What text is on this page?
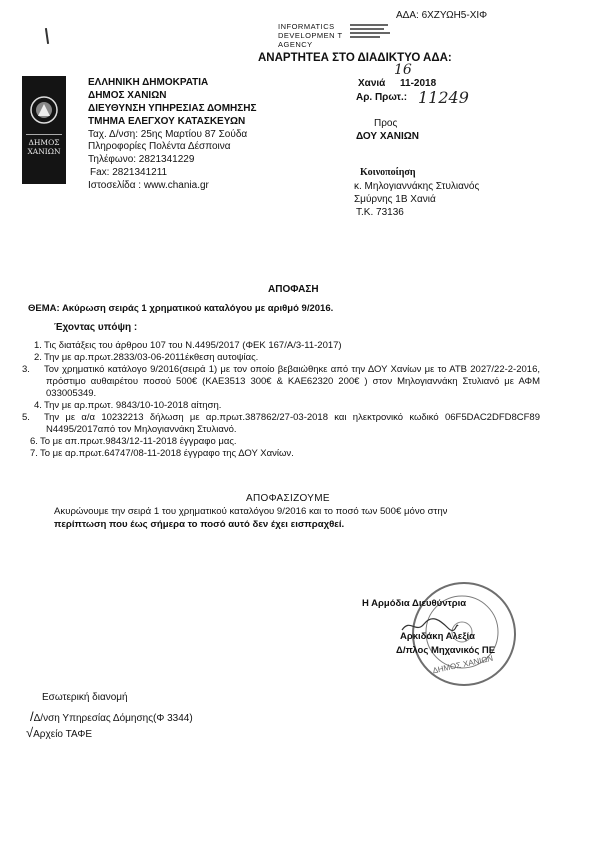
ΑΔΑ: 6ΧΖΥΩΗ5-ΧΙΦ
INFORMATICS DEVELOPMEN T AGENCY
ΑΝΑΡΤΗΤΕΑ ΣΤΟ ΔΙΑΔΙΚΤΥΟ ΑΔΑ:
ΔΗΜΟΣ ΧΑΝΙΩΝ
ΕΛΛΗΝΙΚΗ ΔΗΜΟΚΡΑΤΙΑ
ΔΗΜΟΣ ΧΑΝΙΩΝ
ΔΙΕΥΘΥΝΣΗ ΥΠΗΡΕΣΙΑΣ ΔΟΜΗΣΗΣ
ΤΜΗΜΑ ΕΛΕΓΧΟΥ ΚΑΤΑΣΚΕΥΩΝ
Ταχ. Δ/νση: 25ης Μαρτίου 87 Σούδα
Πληροφορίες Πολέντα Δέσποινα
Τηλέφωνο: 2821341229
Fax: 2821341211
Ιστοσελίδα : www.chania.gr
16
Χανιά 11-2018
Αρ. Πρωτ.: 11249
Προς
ΔΟΥ ΧΑΝΙΩΝ
Κοινοποίηση
κ. Μηλογιαννάκης Στυλιανός
Σμύρνης 1Β Χανιά
Τ.Κ. 73136
ΑΠΟΦΑΣΗ
ΘΕΜΑ: Ακύρωση σειράς 1 χρηματικού καταλόγου με αριθμό 9/2016.
Έχοντας υπόψη :
1. Τις διατάξεις του άρθρου 107 του Ν.4495/2017 (ΦΕΚ 167/Α/3-11-2017)
2. Την με αρ.πρωτ.2833/03-06-2011έκθεση αυτοψίας.
3. Τον χρηματικό κατάλογο 9/2016(σειρά 1) με τον οποίο βεβαιώθηκε από την ΔΟΥ Χανίων με το ΑΤΒ 2027/22-2-2016, πρόστιμο αυθαιρέτου ποσού 500€ (ΚΑΕ3513 300€ & ΚΑΕ62320 200€ ) στον Μηλογιαννάκη Στυλιανό με ΑΦΜ 033005349.
4. Την με αρ.πρωτ. 9843/10-10-2018 αίτηση.
5. Την με α/α 10232213 δήλωση με αρ.πρωτ.387862/27-03-2018 και ηλεκτρονικό κωδικό 06F5DAC2DFD8CF89 Ν4495/2017από τον Μηλογιαννάκη Στυλιανό.
6. Το με απ.πρωτ.9843/12-11-2018 έγγραφο μας.
7. Το με αρ.πρωτ.64747/08-11-2018 έγγραφο της ΔΟΥ Χανίων.
ΑΠΟΦΑΣΙΖΟΥΜΕ
Ακυρώνουμε την σειρά 1 του χρηματικού καταλόγου 9/2016 και το ποσό των 500€ μόνο στην
περίπτωση που έως σήμερα το ποσό αυτό δεν έχει εισπραχθεί.
ΔΗΜΟΣ ΧΑΝΙΩΝ
Η Αρμόδια Διευθύντρια
Αρκιδάκη Αλεξία
Δ/πλος Μηχανικός ΠΕ
Εσωτερική διανομή
/Δ/νση Υπηρεσίας Δόμησης(Φ 3344)
√Αρχείο ΤΑΦΕ
